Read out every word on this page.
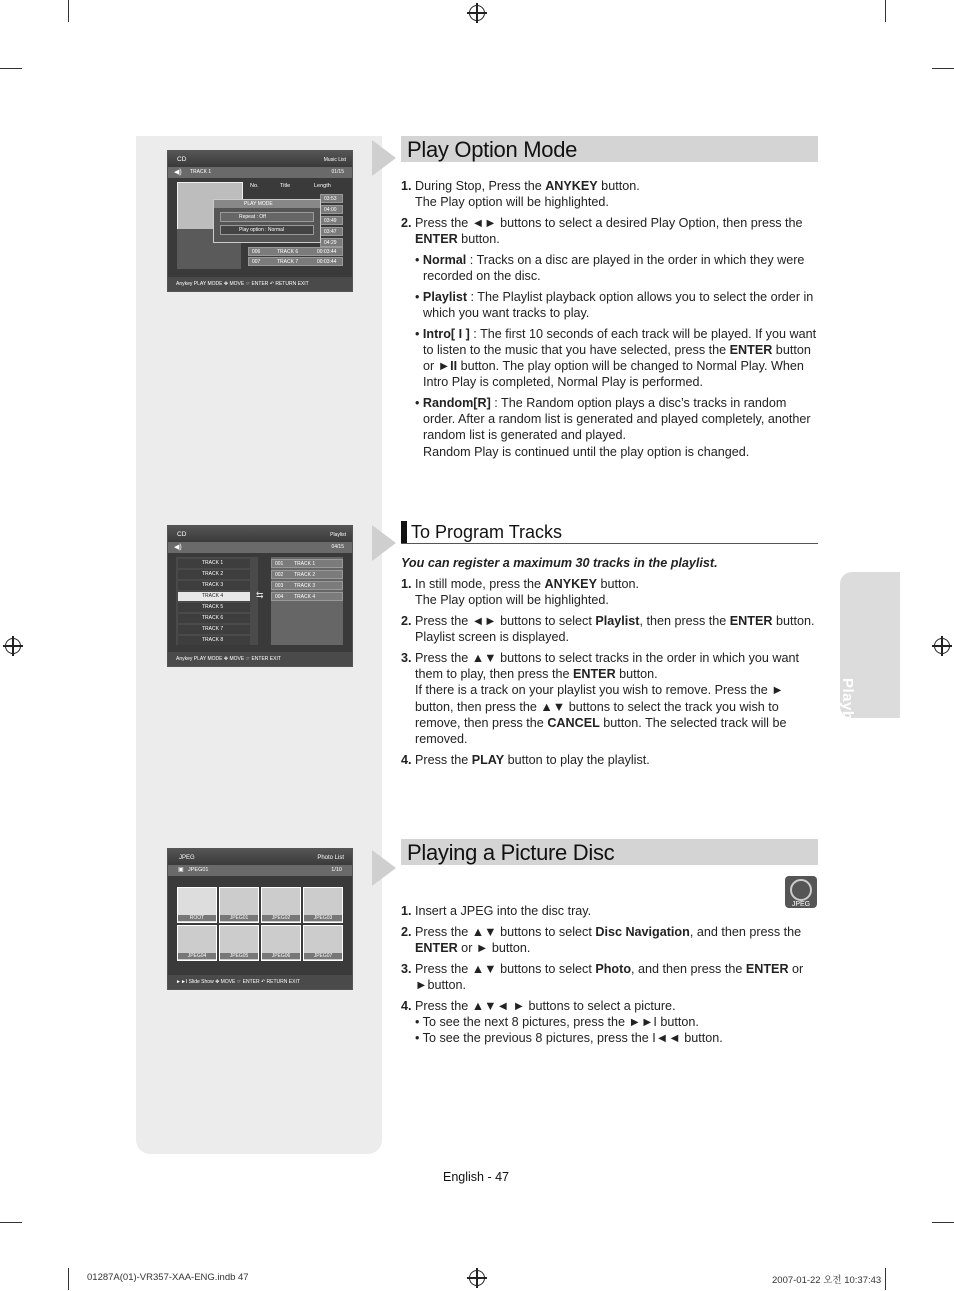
CD	Music List
◀) TRACK 1	01/15
No.	Title	Length
03:53
04:00
03:49
03:47
04:29
PLAY MODE
Repeat : Off
Play option : Normal
006	TRACK 6	00:03:44
007	TRACK 7	00:03:44
Anykey PLAY MODE ✥ MOVE ☞ ENTER ↶ RETURN EXIT
CD	Playlist
◀)	04/15
TRACK 1
TRACK 2
TRACK 3
TRACK 4
TRACK 5
TRACK 6
TRACK 7
TRACK 8
⇆
001 TRACK 1
002 TRACK 2
003 TRACK 3
004 TRACK 4
Anykey PLAY MODE ✥ MOVE ☞ ENTER EXIT
JPEG	Photo List
▣ JPEG01	1/10
ROOT	JPEG01	JPEG02	JPEG03
JPEG04	JPEG05	JPEG06	JPEG07
►►I Slide Show ✥ MOVE ☞ ENTER ↶ RETURN EXIT
Play Option Mode

1. During Stop, Press the ANYKEY button.
The Play option will be highlighted.

2. Press the ◄► buttons to select a desired Play Option, then press the ENTER button.

• Normal : Tracks on a disc are played in the order in which they were recorded on the disc.

• Playlist : The Playlist playback option allows you to select the order in which you want tracks to play.

• Intro[ I ] : The first 10 seconds of each track will be played. If you want to listen to the music that you have selected, press the ENTER button or ►II button. The play option will be changed to Normal Play. When Intro Play is completed, Normal Play is performed.

• Random[R] : The Random option plays a disc’s tracks in random order. After a random list is generated and played completely, another random list is generated and played.
Random Play is continued until the play option is changed.

To Program Tracks

You can register a maximum 30 tracks in the playlist.

1. In still mode, press the ANYKEY button.
The Play option will be highlighted.

2. Press the ◄► buttons to select Playlist, then press the ENTER button.
Playlist screen is displayed.

3. Press the ▲▼ buttons to select tracks in the order in which you want them to play, then press the ENTER button.
If there is a track on your playlist you wish to remove. Press the ► button, then press the ▲▼ buttons to select the track you wish to remove, then press the CANCEL button. The selected track will be removed.

4. Press the PLAY button to play the playlist.

Playback
Playing a Picture Disc
JPEG

1. Insert a JPEG into the disc tray.

2. Press the ▲▼ buttons to select Disc Navigation, and then press the ENTER or ► button.

3. Press the ▲▼ buttons to select Photo, and then press the ENTER or ►button.

4. Press the ▲▼◄ ► buttons to select a picture.
• To see the next 8 pictures, press the ►►I button.
• To see the previous 8 pictures, press the I◄◄ button.

English - 47
01287A(01)-VR357-XAA-ENG.indb 47	2007-01-22 오전 10:37:43
